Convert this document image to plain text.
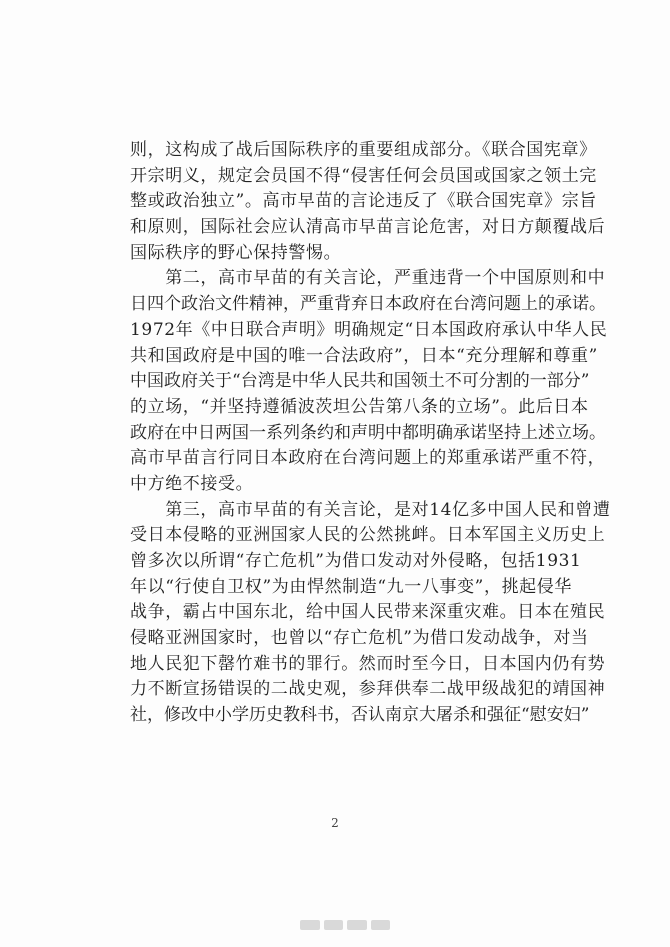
则，这构成了战后国际秩序的重要组成部分。《联合国宪章》
开宗明义，规定会员国不得“侵害任何会员国或国家之领土完
整或政治独立”。高市早苗的言论违反了《联合国宪章》宗旨
和原则，国际社会应认清高市早苗言论危害，对日方颠覆战后
国际秩序的野心保持警惕。
　　第二，高市早苗的有关言论，严重违背一个中国原则和中
日四个政治文件精神，严重背弃日本政府在台湾问题上的承诺。
1972年《中日联合声明》明确规定“日本国政府承认中华人民
共和国政府是中国的唯一合法政府”，日本“充分理解和尊重”
中国政府关于“台湾是中华人民共和国领土不可分割的一部分”
的立场，“并坚持遵循波茨坦公告第八条的立场”。此后日本
政府在中日两国一系列条约和声明中都明确承诺坚持上述立场。
高市早苗言行同日本政府在台湾问题上的郑重承诺严重不符，
中方绝不接受。
　　第三，高市早苗的有关言论，是对14亿多中国人民和曾遭
受日本侵略的亚洲国家人民的公然挑衅。日本军国主义历史上
曾多次以所谓“存亡危机”为借口发动对外侵略，包括1931
年以“行使自卫权”为由悍然制造“九一八事变”，挑起侵华
战争，霸占中国东北，给中国人民带来深重灾难。日本在殖民
侵略亚洲国家时，也曾以“存亡危机”为借口发动战争，对当
地人民犯下罄竹难书的罪行。然而时至今日，日本国内仍有势
力不断宣扬错误的二战史观，参拜供奉二战甲级战犯的靖国神
社，修改中小学历史教科书，否认南京大屠杀和强征“慰安妇”
2
